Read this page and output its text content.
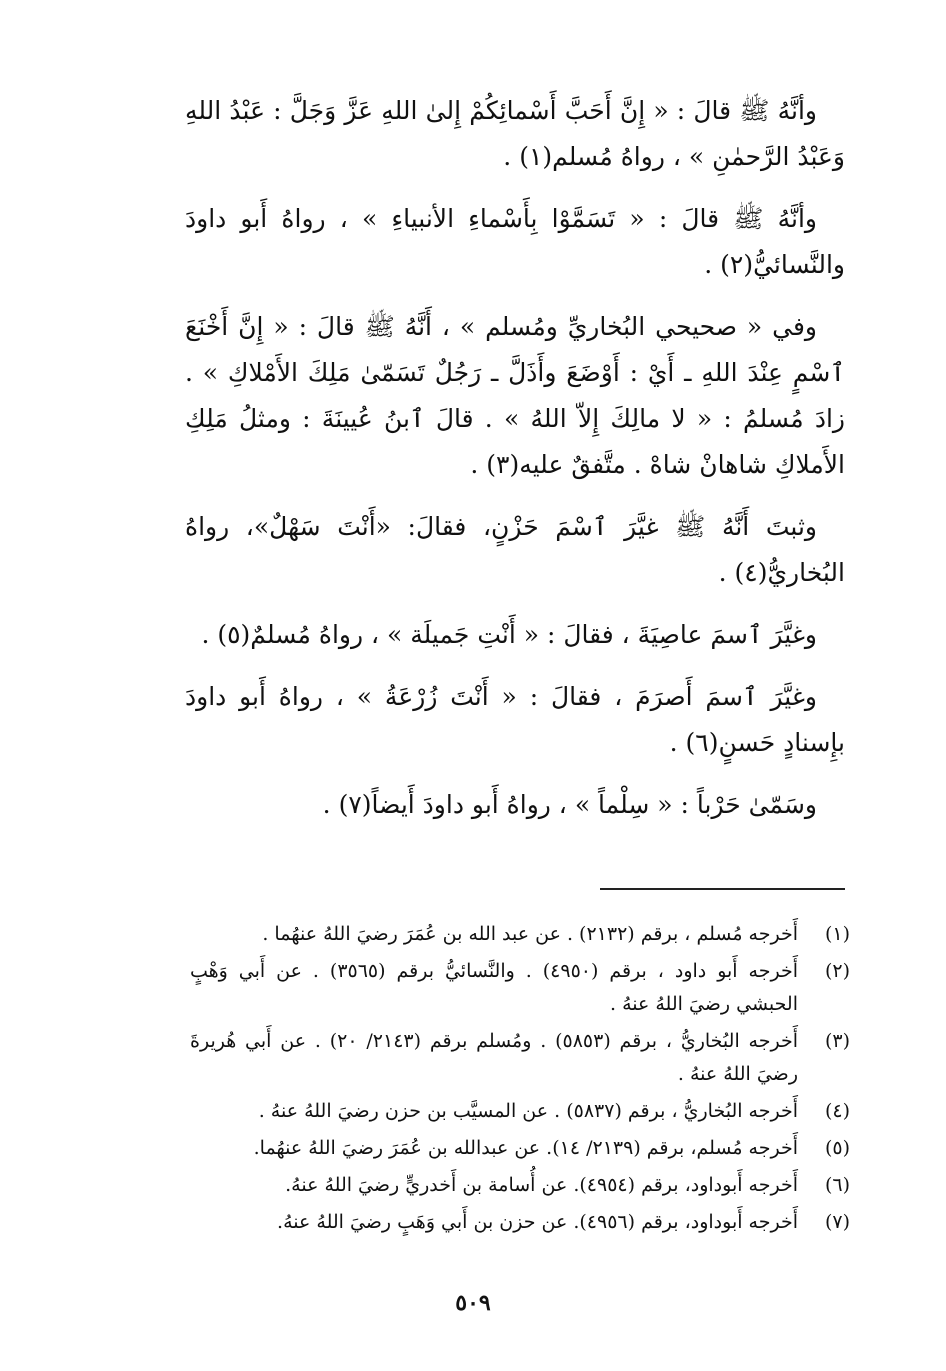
وأنَّهُ ﷺ قالَ : « إِنَّ أَحَبَّ أَسْمائِكُمْ إِلىٰ اللهِ عَزَّ وَجَلَّ : عَبْدُ اللهِ وَعَبْدُ الرَّحمٰنِ » ، رواهُ مُسلم(١) .

وأنَّهُ ﷺ قالَ : « تَسَمَّوْا بِأَسْماءِ الأنبياءِ » ، رواهُ أَبو داودَ والنَّسائيُّ(٢) .

وفي « صحيحي البُخاريِّ ومُسلم » ، أَنَّهُ ﷺ قالَ : « إِنَّ أَخْنَعَ ٱسْمٍ عِنْدَ اللهِ ـ أَيْ : أَوْضَعَ وأَذَلَّ ـ رَجُلٌ تَسَمّىٰ مَلِكَ الأَمْلاكِ » . زادَ مُسلمُ : « لا مالِكَ إِلاّ اللهُ » . قالَ ٱبنُ عُيينَةَ : ومثلُ مَلِكِ الأَملاكِ شاهانْ شاهْ . متَّفقٌ عليه(٣) .

وثبتَ أَنَّهُ ﷺ غيَّرَ ٱسْمَ حَزْنٍ، فقالَ: «أَنْتَ سَهْلٌ»، رواهُ البُخاريُّ(٤) .

وغيَّرَ ٱسمَ عاصِيَةَ ، فقالَ : « أَنْتِ جَميلَة » ، رواهُ مُسلمٌ(٥) .

وغيَّرَ ٱسمَ أَصرَمَ ، فقالَ : « أَنْتَ زُرْعَةُ » ، رواهُ أَبو داودَ بإِسنادٍ حَسنٍ(٦) .

وسَمّىٰ حَرْباً : « سِلْماً » ، رواهُ أَبو داودَ أَيضاً(٧) .

(١)
أَخرجه مُسلم ، برقم (٢١٣٢) . عن عبد الله بن عُمَرَ رضيَ اللهُ عنهُما .
(٢)
أَخرجه أَبو داود ، برقم (٤٩٥٠) . والنَّسائيُّ برقم (٣٥٦٥) . عن أَبي وَهْبٍ الحبشي رضيَ اللهُ عنهُ .
(٣)
أَخرجه البُخاريُّ ، برقم (٥٨٥٣) . ومُسلم برقم (٢١٤٣/ ٢٠) . عن أَبي هُريرةَ رضيَ اللهُ عنهُ .
(٤)
أَخرجه البُخاريُّ ، برقم (٥٨٣٧) . عن المسيَّب بن حزن رضيَ اللهُ عنهُ .
(٥)
أَخرجه مُسلم، برقم (٢١٣٩/ ١٤). عن عبدالله بن عُمَرَ رضيَ اللهُ عنهُما.
(٦)
أَخرجه أَبوداود، برقم (٤٩٥٤). عن أُسامة بن أَخدريٍّ رضيَ اللهُ عنهُ.
(٧)
أَخرجه أَبوداود، برقم (٤٩٥٦). عن حزن بن أَبي وَهَبٍ رضيَ اللهُ عنهُ.
٥٠٩
